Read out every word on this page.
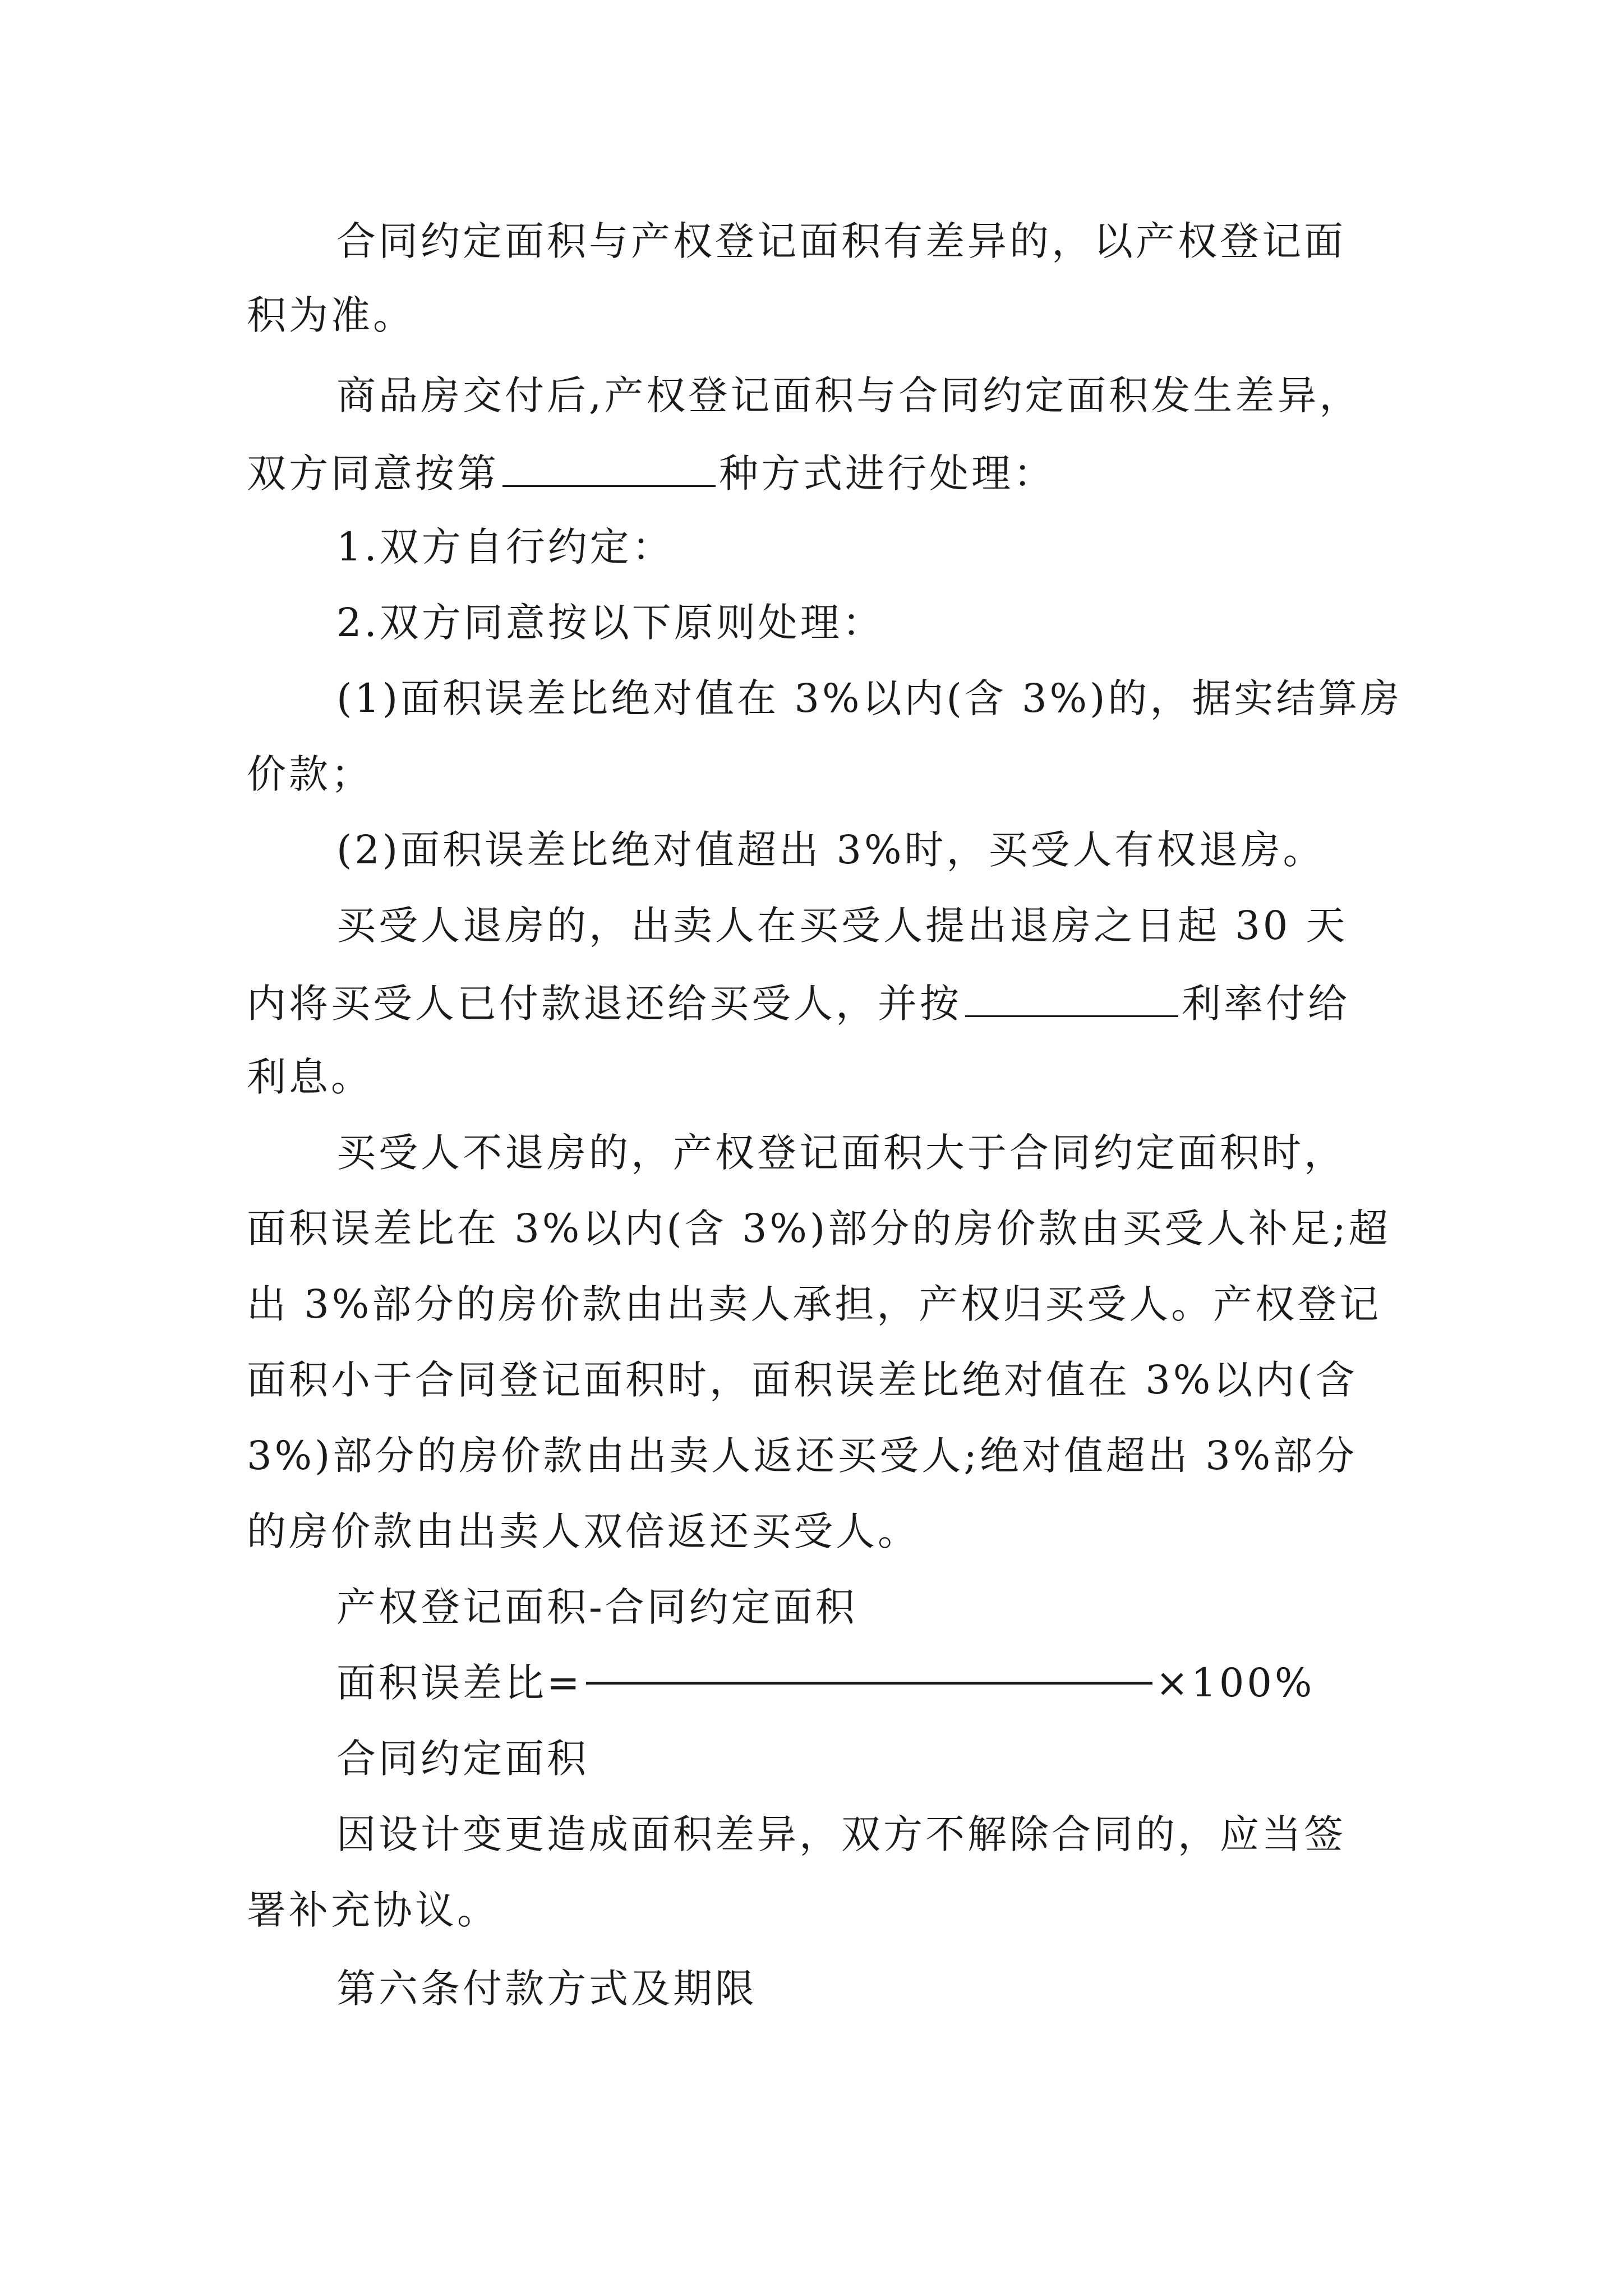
合同约定面积与产权登记面积有差异的，以产权登记面
积为准。
商品房交付后,产权登记面积与合同约定面积发生差异，
双方同意按第	种方式进行处理：
1.双方自行约定：
2.双方同意按以下原则处理：
(1)面积误差比绝对值在 3%以内(含 3%)的，据实结算房
价款；
(2)面积误差比绝对值超出 3%时，买受人有权退房。
买受人退房的，出卖人在买受人提出退房之日起 30 天
内将买受人已付款退还给买受人，并按	利率付给
利息。
买受人不退房的，产权登记面积大于合同约定面积时，
面积误差比在 3%以内(含 3%)部分的房价款由买受人补足;超
出 3%部分的房价款由出卖人承担，产权归买受人。产权登记
面积小于合同登记面积时，面积误差比绝对值在 3%以内(含
3%)部分的房价款由出卖人返还买受人;绝对值超出 3%部分
的房价款由出卖人双倍返还买受人。
产权登记面积-合同约定面积
面积误差比=	×100%
合同约定面积
因设计变更造成面积差异，双方不解除合同的，应当签
署补充协议。
第六条付款方式及期限
